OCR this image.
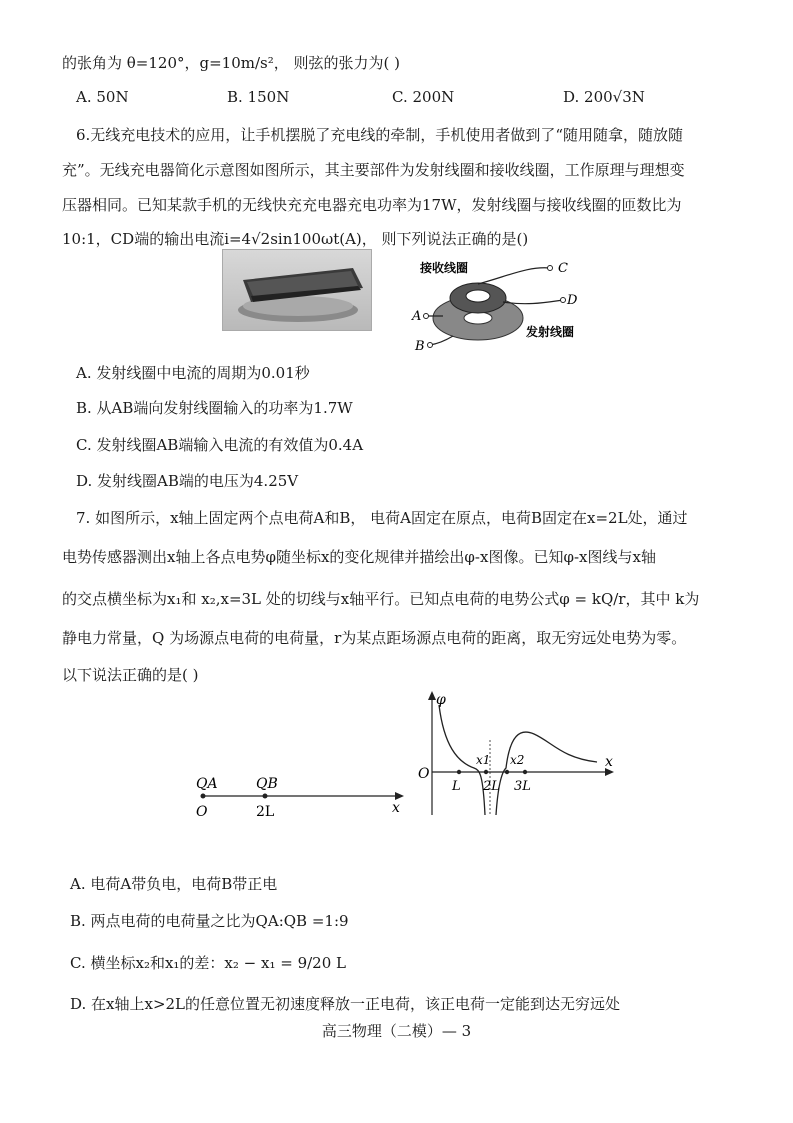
的张角为 θ=120°，g=10m/s²， 则弦的张力为( )
A. 50N	B. 150N	C. 200N	D. 200√3N
6.无线充电技术的应用，让手机摆脱了充电线的牵制，手机使用者做到了“随用随拿，随放随
充”。无线充电器简化示意图如图所示，其主要部件为发射线圈和接收线圈，工作原理与理想变
压器相同。已知某款手机的无线快充充电器充电功率为17W，发射线圈与接收线圈的匝数比为
10:1，CD端的输出电流i=4√2sin100ωt(A)， 则下列说法正确的是()
接收线圈
发射线圈
C
D
A
B
A. 发射线圈中电流的周期为0.01秒
B. 从AB端向发射线圈输入的功率为1.7W
C. 发射线圈AB端输入电流的有效值为0.4A
D. 发射线圈AB端的电压为4.25V
7. 如图所示，x轴上固定两个点电荷A和B， 电荷A固定在原点，电荷B固定在x=2L处，通过
电势传感器测出x轴上各点电势φ随坐标x的变化规律并描绘出φ-x图像。已知φ-x图线与x轴
的交点横坐标为x₁和 x₂,x=3L 处的切线与x轴平行。已知点电荷的电势公式φ = kQ/r，其中 k为
静电力常量，Q 为场源点电荷的电荷量，r为某点距场源点电荷的距离，取无穷远处电势为零。
以下说法正确的是( )
QA	QB
O	2L	x
φ
O
L 2L 3L
x1 x2	x
A. 电荷A带负电，电荷B带正电
B. 两点电荷的电荷量之比为QA:QB =1:9
C. 横坐标x₂和x₁的差：x₂ − x₁ = 9/20 L
D. 在x轴上x>2L的任意位置无初速度释放一正电荷，该正电荷一定能到达无穷远处
高三物理（二模）— 3
